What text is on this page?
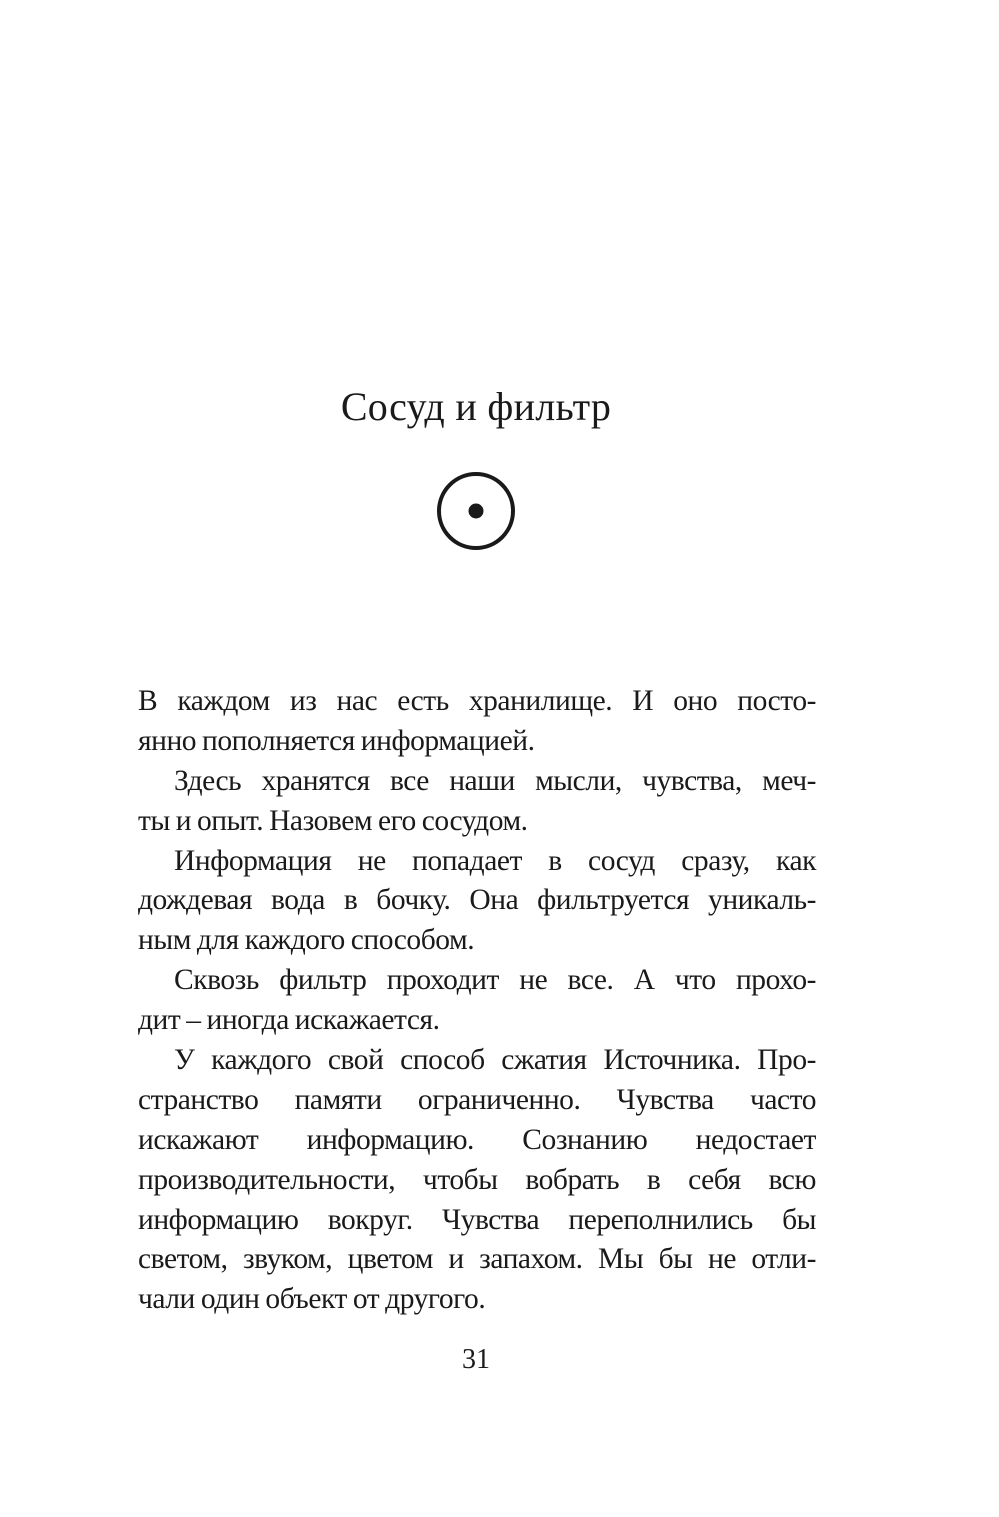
Сосуд и фильтр
В каждом из нас есть хранилище. И оно посто-
янно пополняется информацией.
Здесь хранятся все наши мысли, чувства, меч-
ты и опыт. Назовем его сосудом.
Информация не попадает в сосуд сразу, как
дождевая вода в бочку. Она фильтруется уникаль-
ным для каждого способом.
Сквозь фильтр проходит не все. А что прохо-
дит – иногда искажается.
У каждого свой способ сжатия Источника. Про-
странство памяти ограниченно. Чувства часто
искажают информацию. Сознанию недостает
производительности, чтобы вобрать в себя всю
информацию вокруг. Чувства переполнились бы
светом, звуком, цветом и запахом. Мы бы не отли-
чали один объект от другого.
31
